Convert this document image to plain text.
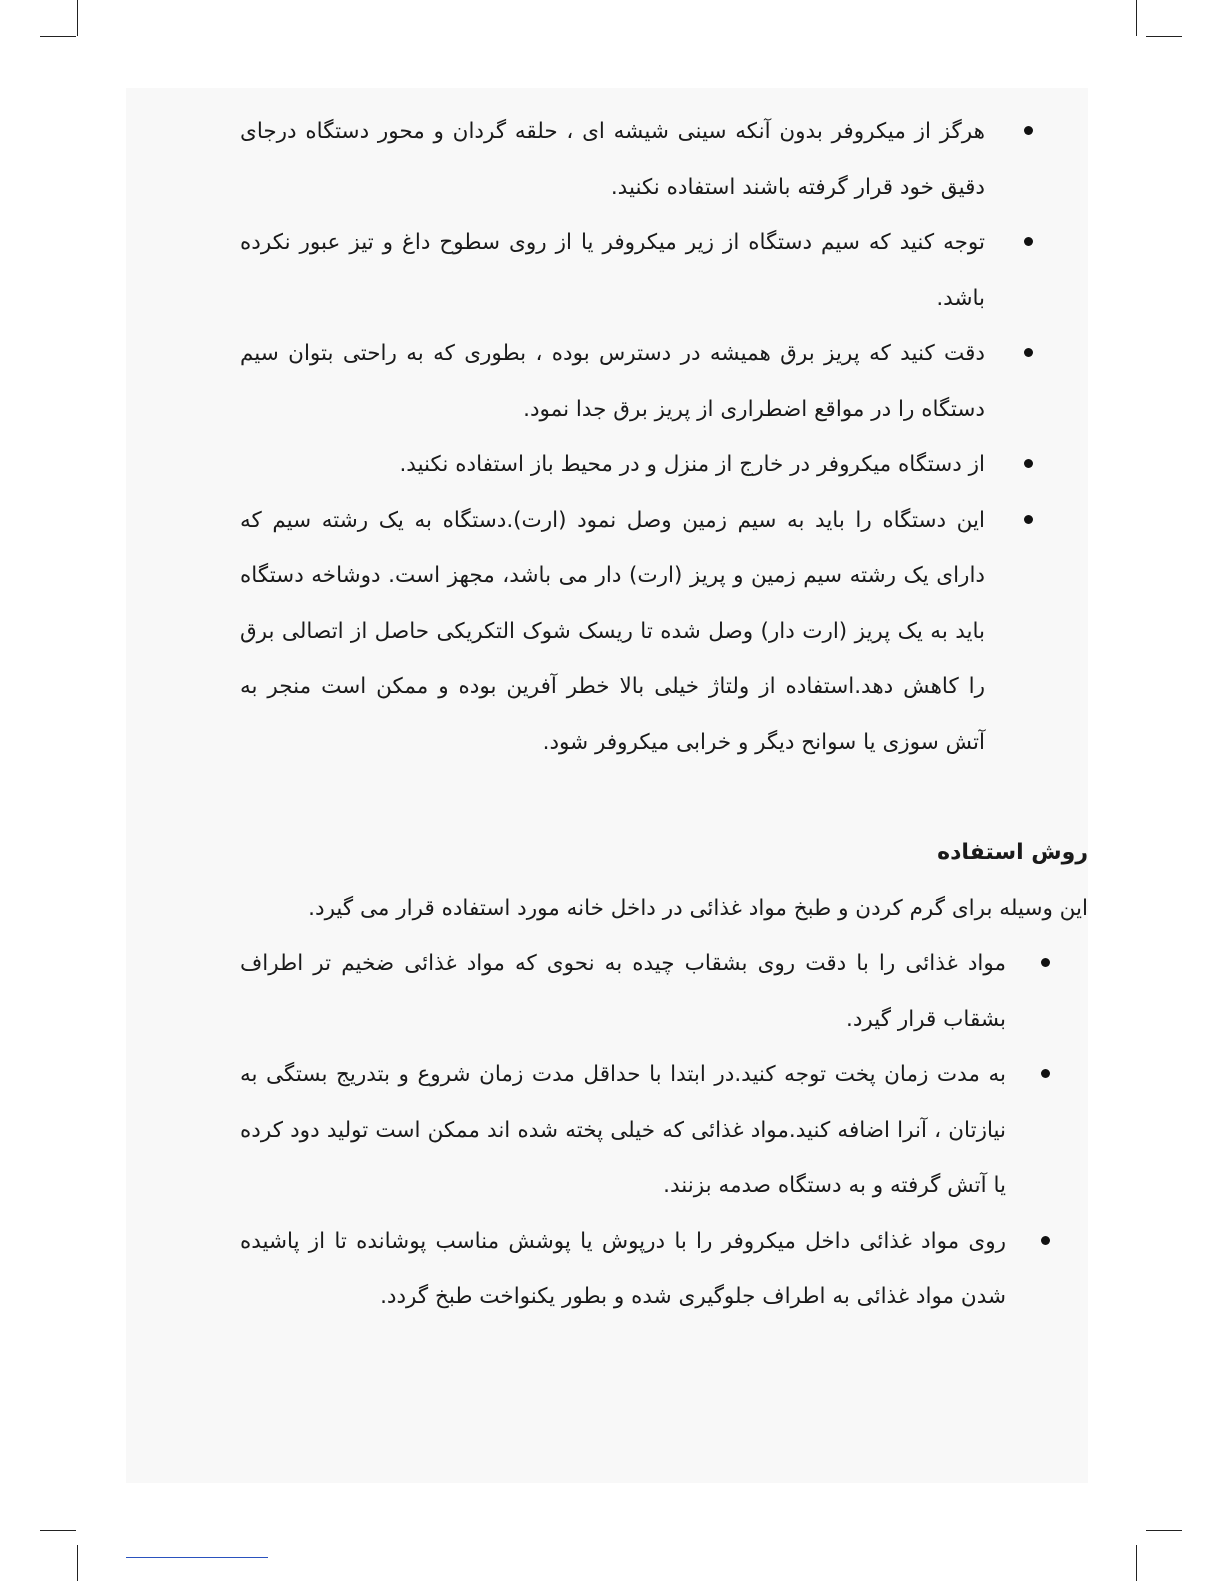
هرگز از میکروفر بدون آنکه سینی شیشه ای ، حلقه گردان و محور دستگاه درجای دقیق خود قرار گرفته باشند استفاده نکنید.
توجه کنید که سیم دستگاه از زیر میکروفر یا از روی سطوح داغ و تیز عبور نکرده باشد.
دقت کنید که پریز برق همیشه در دسترس بوده ، بطوری که به راحتی بتوان سیم دستگاه را در مواقع اضطراری از پریز برق جدا نمود.
از دستگاه میکروفر در خارج از منزل و در محیط باز استفاده نکنید.
این دستگاه را باید به سیم زمین وصل نمود (ارت).دستگاه به یک رشته سیم که دارای یک رشته سیم زمین و پریز (ارت) دار می باشد، مجهز است. دوشاخه دستگاه باید به یک پریز (ارت دار) وصل شده تا ریسک شوک التکریکی حاصل از اتصالی برق را کاهش دهد.استفاده از ولتاژ خیلی بالا خطر آفرین بوده و ممکن است منجر به آتش سوزی یا سوانح دیگر و خرابی میکروفر شود.
روش استفاده

این وسیله برای گرم کردن و طبخ مواد غذائی در داخل خانه مورد استفاده قرار می گیرد.

مواد غذائی را با دقت روی بشقاب چیده به نحوی که مواد غذائی ضخیم تر اطراف بشقاب قرار گیرد.
به مدت زمان پخت توجه کنید.در ابتدا با حداقل مدت زمان شروع و بتدریج بستگی به نیازتان ، آنرا اضافه کنید.مواد غذائی که خیلی پخته شده اند ممکن است تولید دود کرده یا آتش گرفته و به دستگاه صدمه بزنند.
روی مواد غذائی داخل میکروفر را با درپوش یا پوشش مناسب پوشانده تا از پاشیده شدن مواد غذائی به اطراف جلوگیری شده و بطور یکنواخت طبخ گردد.
